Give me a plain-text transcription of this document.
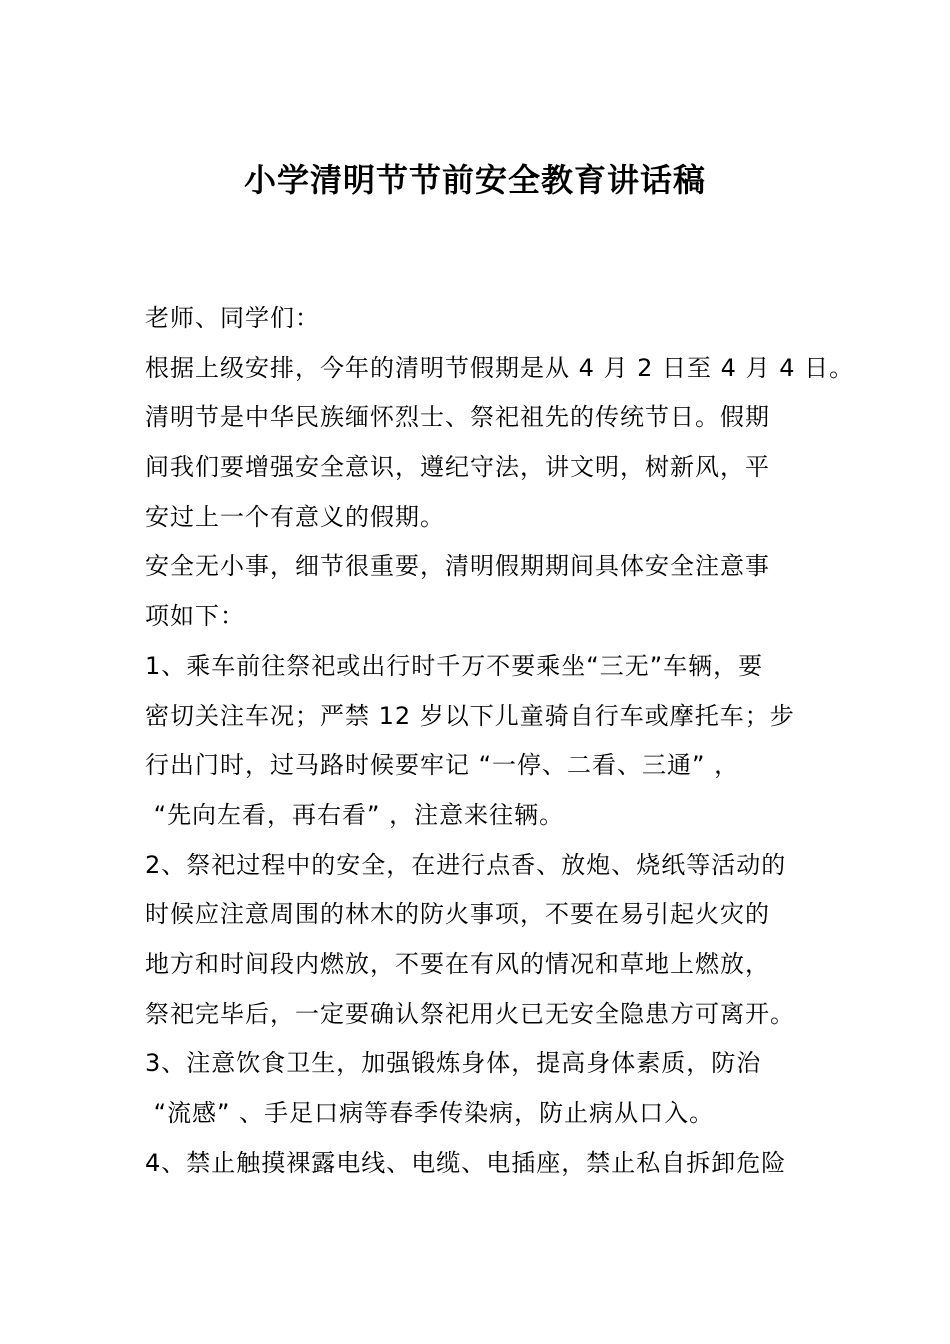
小学清明节节前安全教育讲话稿
老师、同学们：
根据上级安排，今年的清明节假期是从 4 月 2 日至 4 月 4 日。
清明节是中华民族缅怀烈士、祭祀祖先的传统节日。假期
间我们要增强安全意识，遵纪守法，讲文明，树新风，平
安过上一个有意义的假期。
安全无小事，细节很重要，清明假期期间具体安全注意事
项如下：
1、乘车前往祭祀或出行时千万不要乘坐“三无”车辆，要
密切关注车况；严禁 12 岁以下儿童骑自行车或摩托车；步
行出门时，过马路时候要牢记 “一停、二看、三通” ，
“先向左看，再右看” ，注意来往辆。
2、祭祀过程中的安全，在进行点香、放炮、烧纸等活动的
时候应注意周围的林木的防火事项，不要在易引起火灾的
地方和时间段内燃放，不要在有风的情况和草地上燃放，
祭祀完毕后，一定要确认祭祀用火已无安全隐患方可离开。
3、注意饮食卫生，加强锻炼身体，提高身体素质，防治
“流感” 、手足口病等春季传染病，防止病从口入。
4、禁止触摸裸露电线、电缆、电插座，禁止私自拆卸危险
